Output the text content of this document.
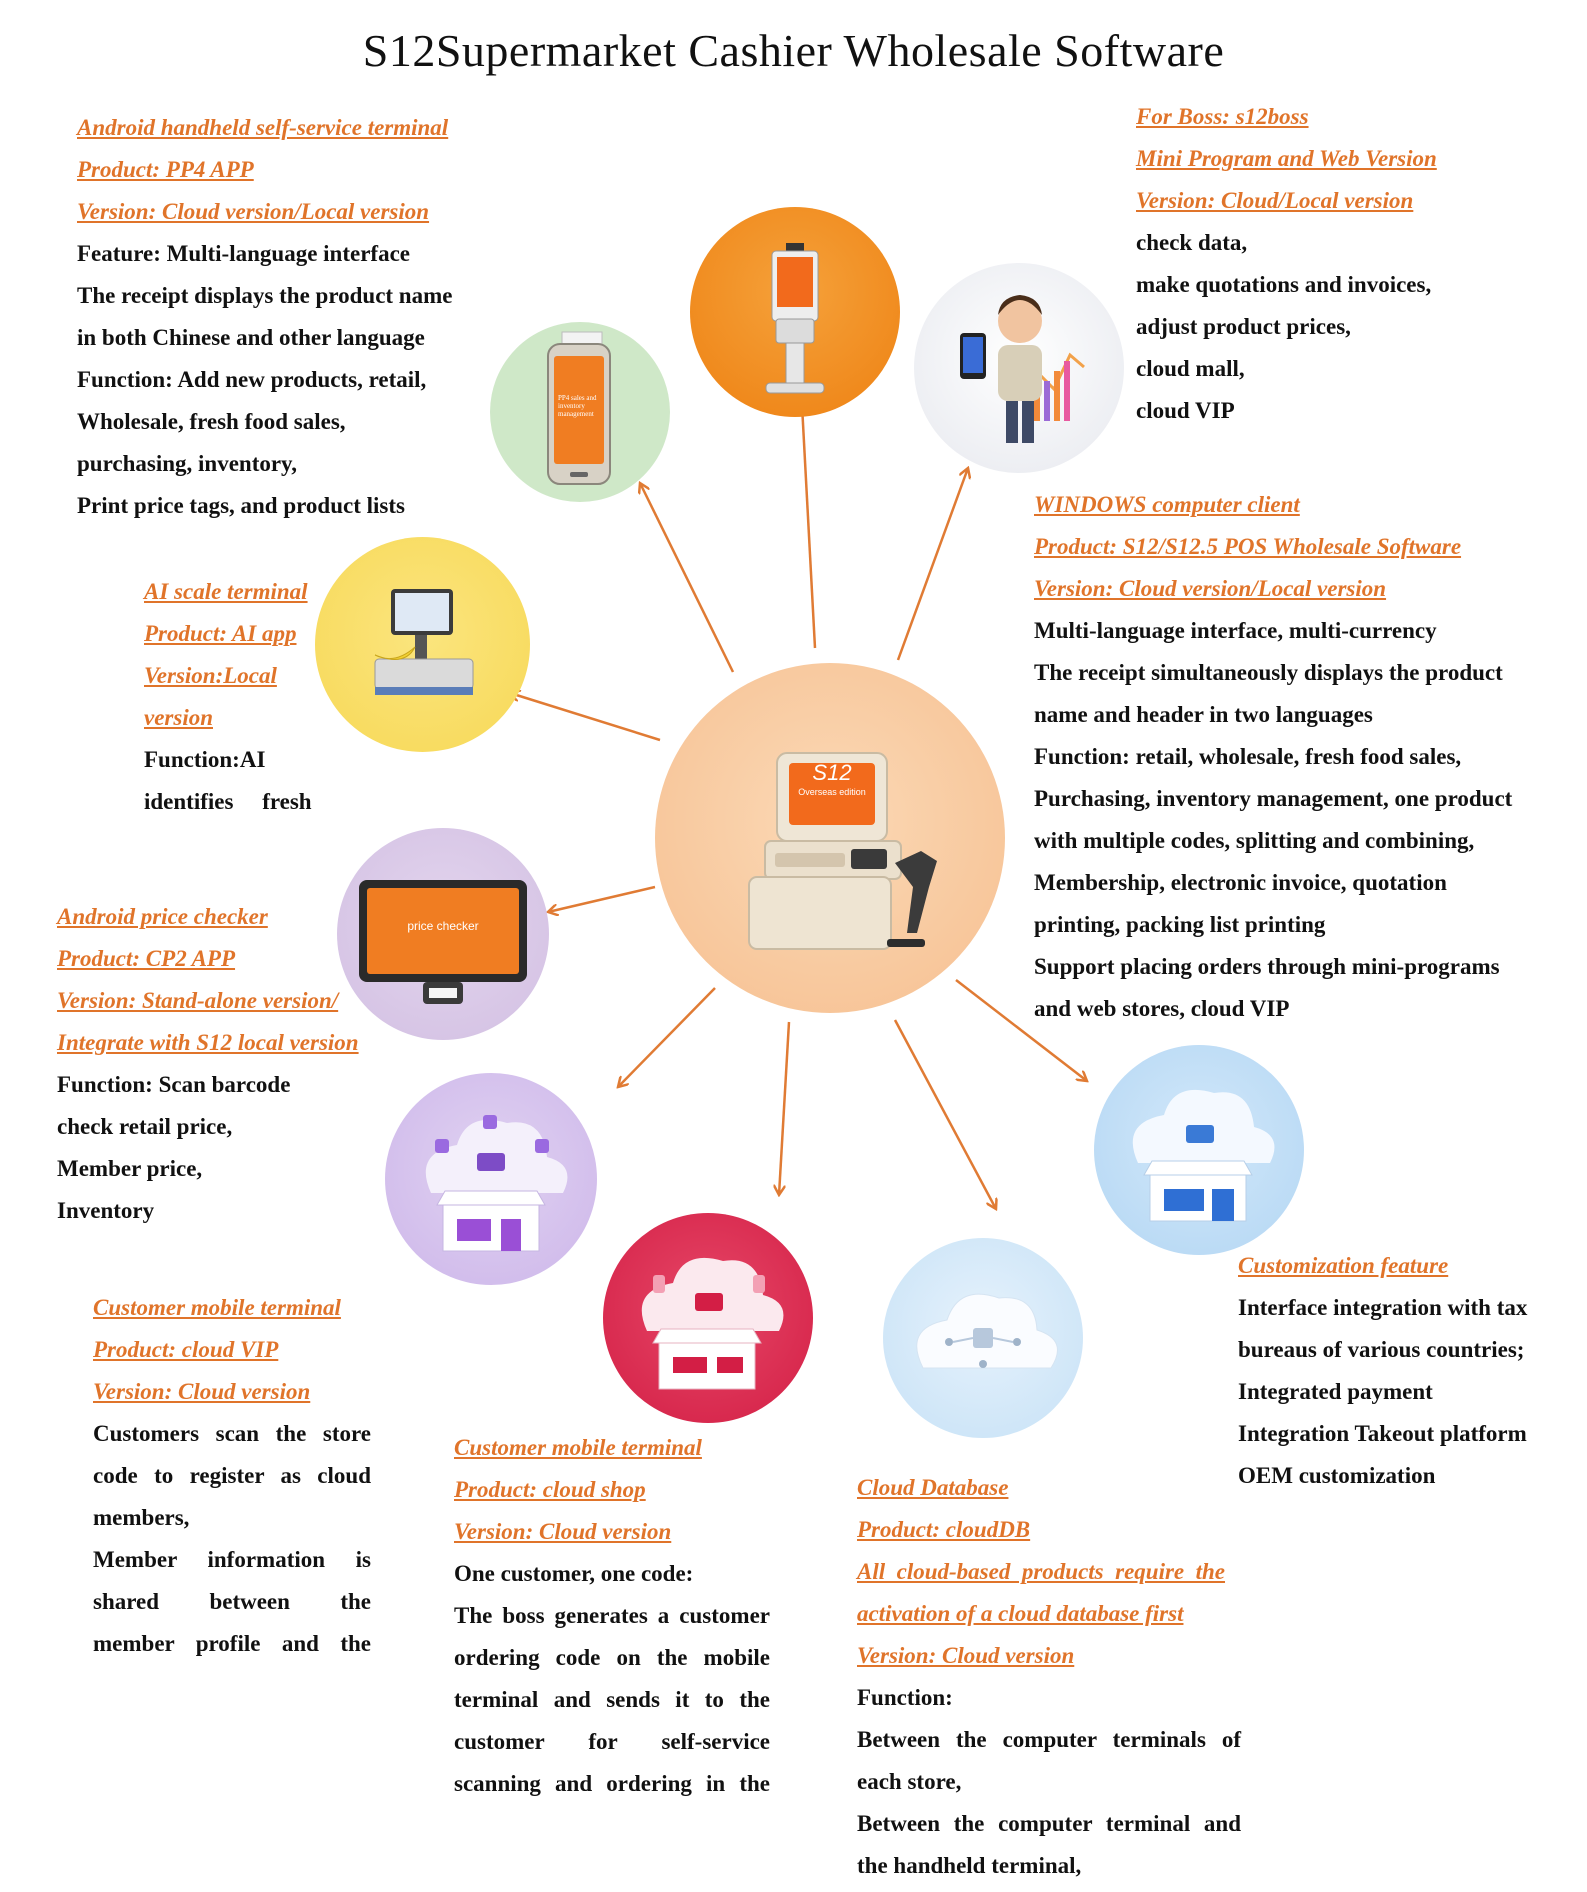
S12Supermarket Cashier Wholesale Software
S12
Overseas edition
PP4 sales and inventory management
price checker
Android handheld self-service terminal
Product: PP4 APP
Version: Cloud version/Local version
Feature: Multi-language interface
The receipt displays the product name
in both Chinese and other language
Function: Add new products, retail,
Wholesale, fresh food sales,
purchasing, inventory,
Print price tags, and product lists
For Boss: s12boss
Mini Program and Web Version
Version: Cloud/Local version
check data,
make quotations and invoices,
adjust product prices,
cloud mall,
cloud VIP
WINDOWS computer client
Product: S12/S12.5 POS Wholesale Software
Version: Cloud version/Local version
Multi-language interface, multi-currency
The receipt simultaneously displays the product
name and header in two languages
Function: retail, wholesale, fresh food sales,
Purchasing, inventory management, one product
with multiple codes, splitting and combining,
Membership, electronic invoice, quotation
printing, packing list printing
Support placing orders through mini-programs
and web stores, cloud VIP
AI scale terminal
Product: AI app
Version:Local
version
Function:AI
identifies     fresh
Android price checker
Product: CP2 APP
Version: Stand-alone version/
Integrate with S12 local version
Function: Scan barcode
check retail price,
Member price,
Inventory
Customer mobile terminal
Product: cloud VIP
Version: Cloud version
Customers scan the store
code to register as cloud
members,
Member information is
shared between the
member profile and the
Customer mobile terminal
Product: cloud shop
Version: Cloud version
One customer, one code:
The boss generates a customer
ordering code on the mobile
terminal and sends it to the
customer for self-service
scanning and ordering in the
Cloud Database
Product: cloudDB
All  cloud-based  products  require  the
activation of a cloud database first
Version: Cloud version
Function:
Between the computer terminals of
each store,
Between the computer terminal and
the handheld terminal,
Customization feature
Interface integration with tax
bureaus of various countries;
Integrated payment
Integration Takeout platform
OEM customization
